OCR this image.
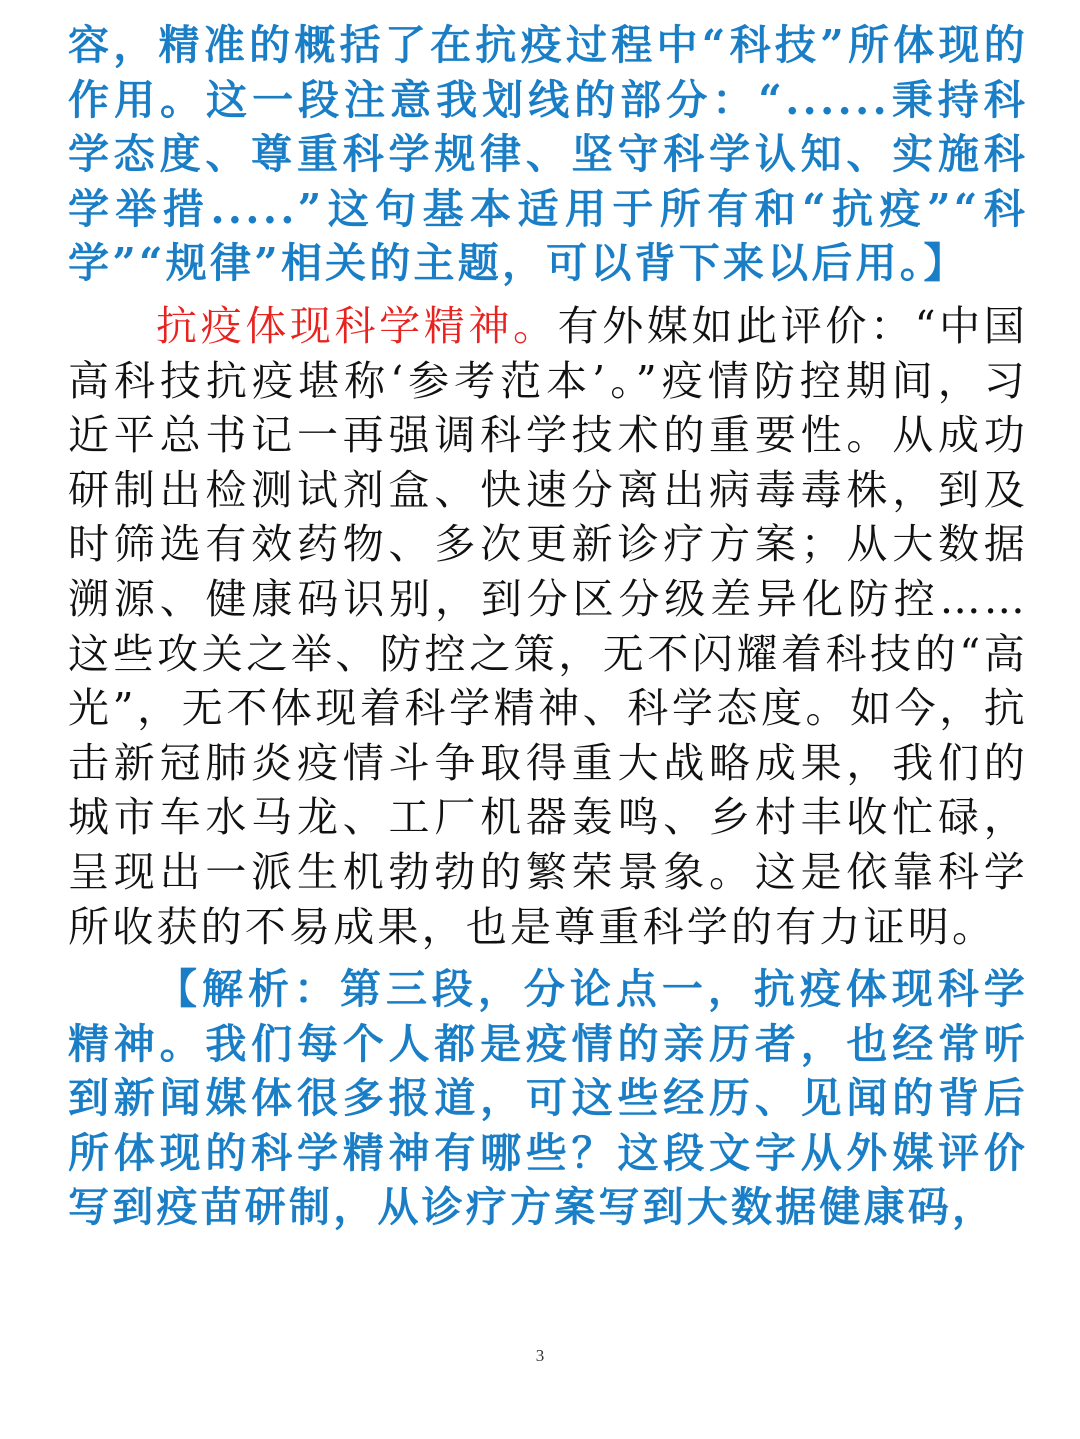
容，精准的概括了在抗疫过程中“科技”所体现的作用。这一段注意我划线的部分：“......秉持科学态度、尊重科学规律、坚守科学认知、实施科学举措.....”这句基本适用于所有和“抗疫”“科学”“规律”相关的主题，可以背下来以后用。】

抗疫体现科学精神。有外媒如此评价：“中国高科技抗疫堪称‘参考范本’。”疫情防控期间，习近平总书记一再强调科学技术的重要性。从成功研制出检测试剂盒、快速分离出病毒毒株，到及时筛选有效药物、多次更新诊疗方案；从大数据溯源、健康码识别，到分区分级差异化防控……这些攻关之举、防控之策，无不闪耀着科技的“高光”，无不体现着科学精神、科学态度。如今，抗击新冠肺炎疫情斗争取得重大战略成果，我们的城市车水马龙、工厂机器轰鸣、乡村丰收忙碌，呈现出一派生机勃勃的繁荣景象。这是依靠科学所收获的不易成果，也是尊重科学的有力证明。

【解析：第三段，分论点一，抗疫体现科学精神。我们每个人都是疫情的亲历者，也经常听到新闻媒体很多报道，可这些经历、见闻的背后所体现的科学精神有哪些？这段文字从外媒评价写到疫苗研制，从诊疗方案写到大数据健康码，

3
